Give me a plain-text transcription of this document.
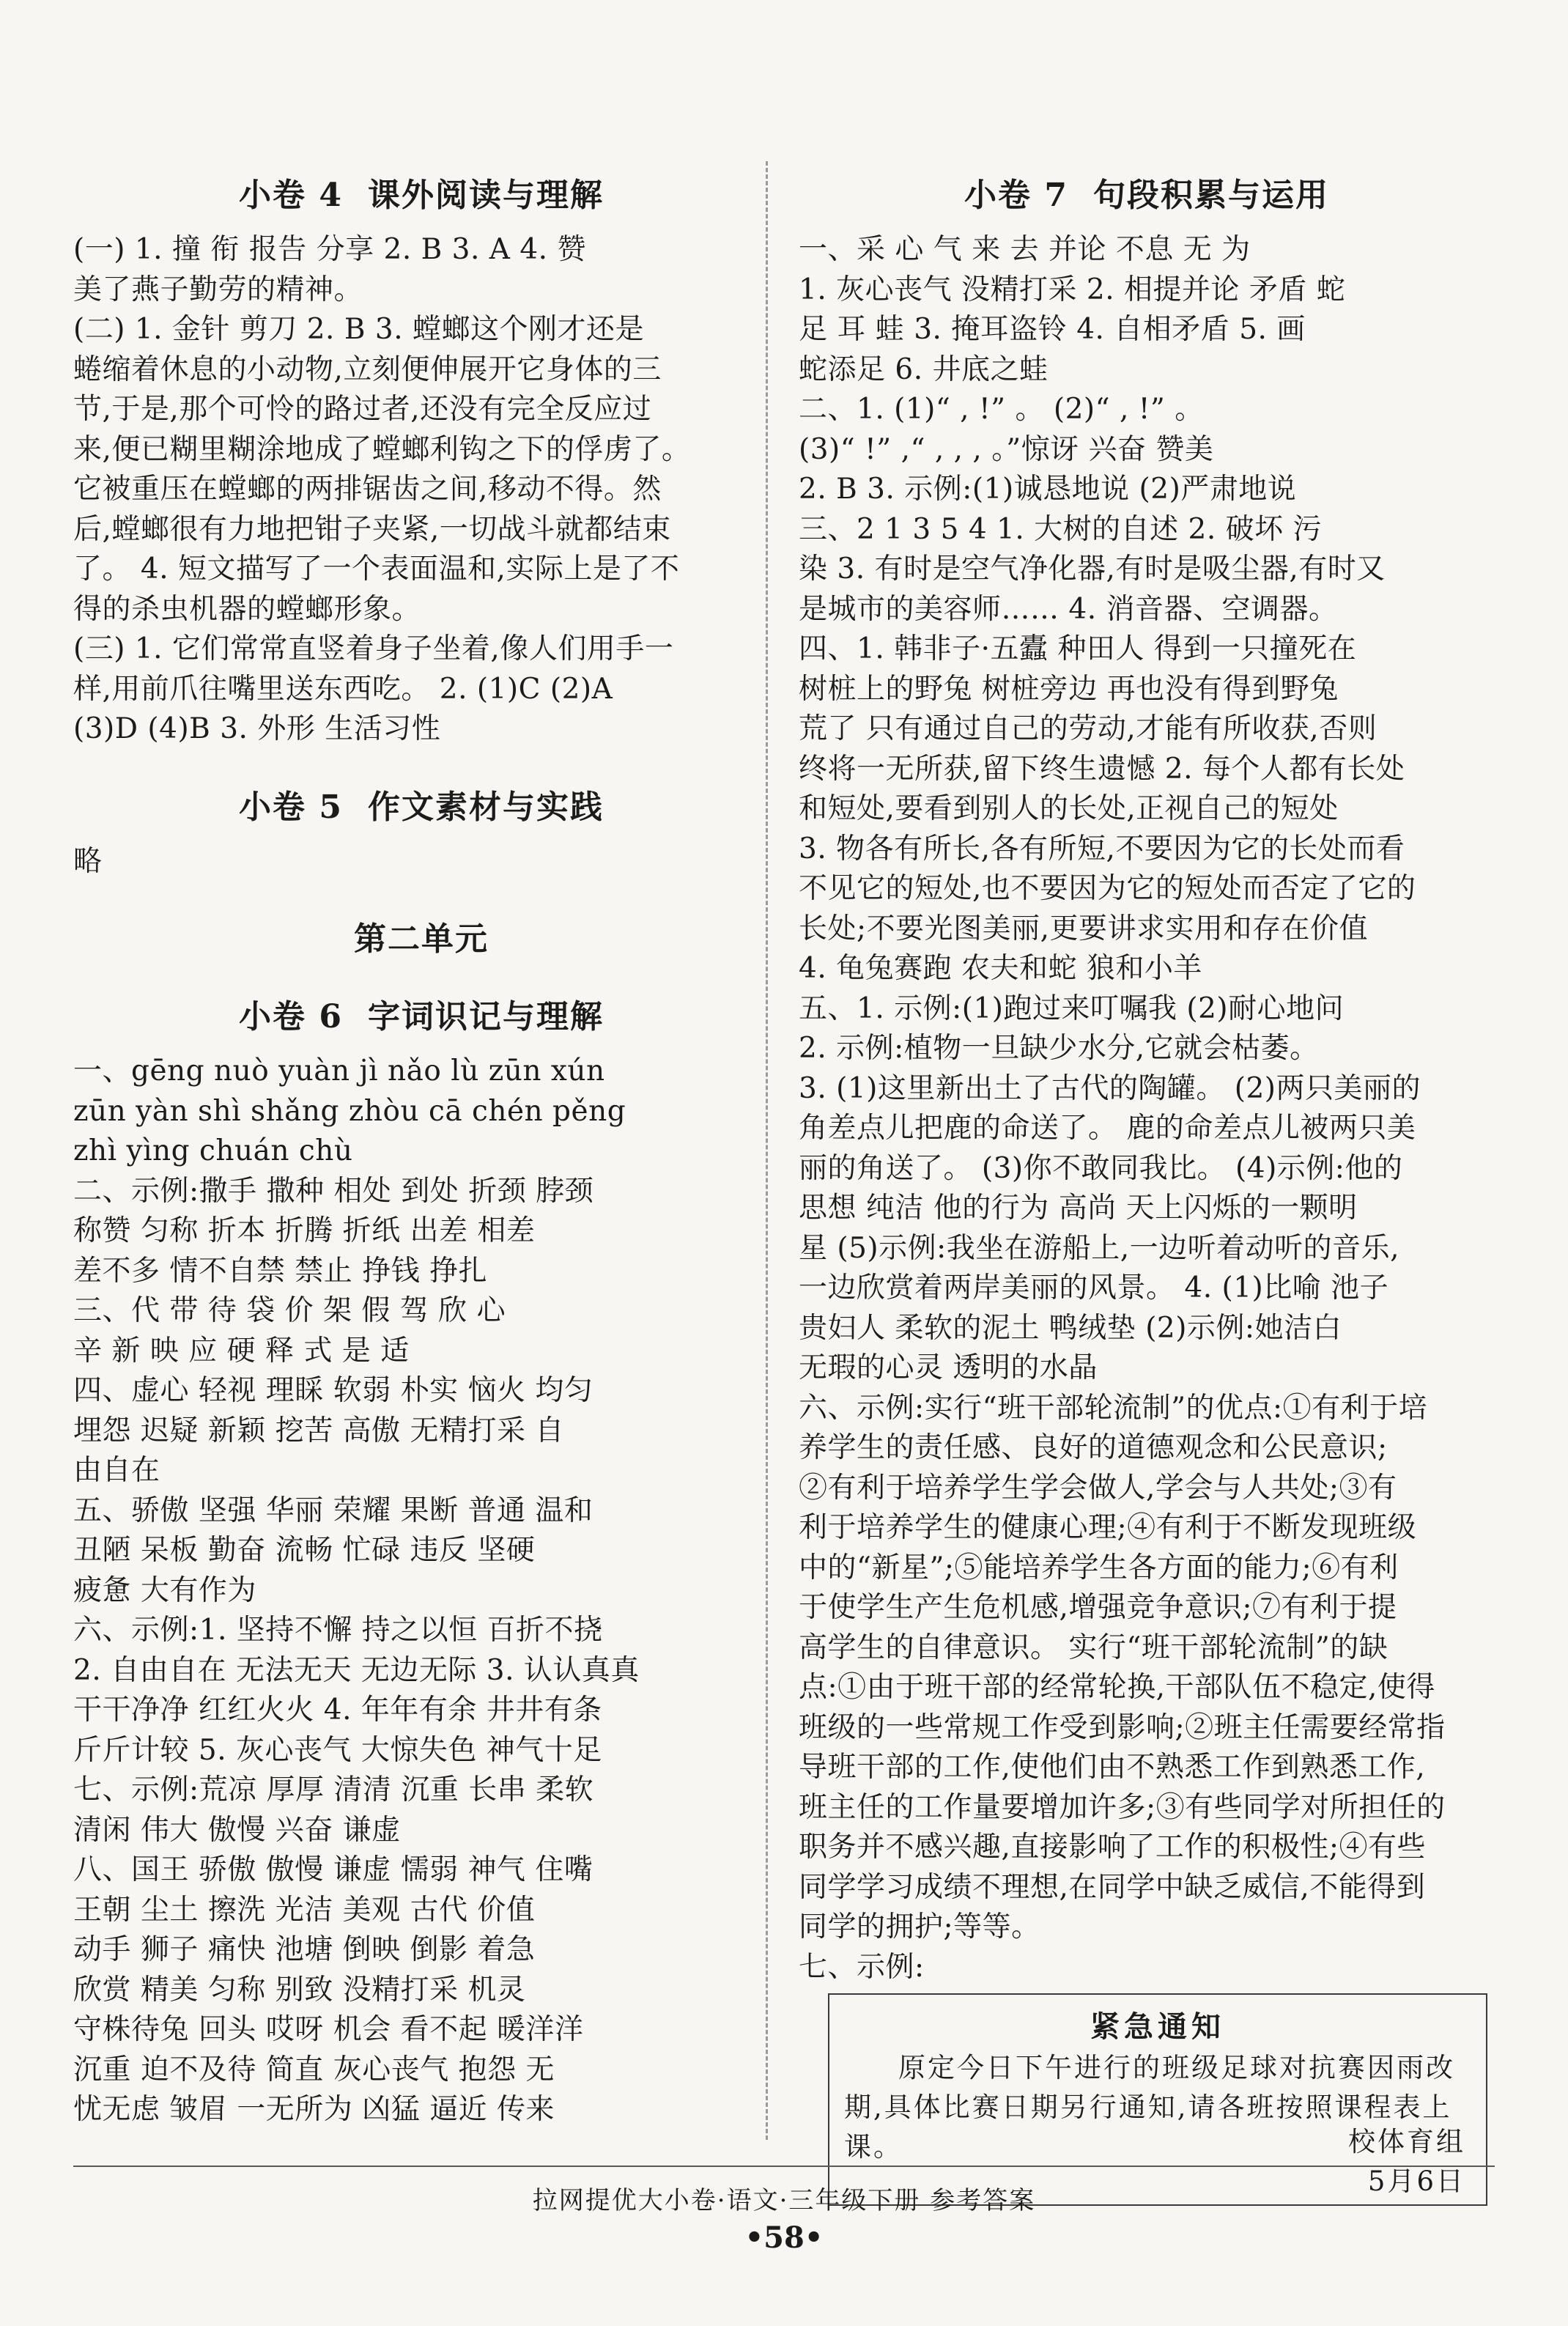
小卷 4 课外阅读与理解
(一) 1. 撞 衔 报告 分享 2. B 3. A 4. 赞
美了燕子勤劳的精神。
(二) 1. 金针 剪刀 2. B 3. 螳螂这个刚才还是
蜷缩着休息的小动物,立刻便伸展开它身体的三
节,于是,那个可怜的路过者,还没有完全反应过
来,便已糊里糊涂地成了螳螂利钩之下的俘虏了。
它被重压在螳螂的两排锯齿之间,移动不得。然
后,螳螂很有力地把钳子夹紧,一切战斗就都结束
了。 4. 短文描写了一个表面温和,实际上是了不
得的杀虫机器的螳螂形象。
(三) 1. 它们常常直竖着身子坐着,像人们用手一
样,用前爪往嘴里送东西吃。 2. (1)C (2)A
(3)D (4)B 3. 外形 生活习性
小卷 5 作文素材与实践
略
第二单元
小卷 6 字词识记与理解
一、gēng nuò yuàn jì nǎo lù zūn xún
zūn yàn shì shǎng zhòu cā chén pěng
zhì yìng chuán chù
二、示例:撒手 撒种 相处 到处 折颈 脖颈
称赞 匀称 折本 折腾 折纸 出差 相差
差不多 情不自禁 禁止 挣钱 挣扎
三、代 带 待 袋 价 架 假 驾 欣 心
辛 新 映 应 硬 释 式 是 适
四、虚心 轻视 理睬 软弱 朴实 恼火 均匀
埋怨 迟疑 新颖 挖苦 高傲 无精打采 自
由自在
五、骄傲 坚强 华丽 荣耀 果断 普通 温和
丑陋 呆板 勤奋 流畅 忙碌 违反 坚硬
疲惫 大有作为
六、示例:1. 坚持不懈 持之以恒 百折不挠
2. 自由自在 无法无天 无边无际 3. 认认真真
干干净净 红红火火 4. 年年有余 井井有条
斤斤计较 5. 灰心丧气 大惊失色 神气十足
七、示例:荒凉 厚厚 清清 沉重 长串 柔软
清闲 伟大 傲慢 兴奋 谦虚
八、国王 骄傲 傲慢 谦虚 懦弱 神气 住嘴
王朝 尘土 擦洗 光洁 美观 古代 价值
动手 狮子 痛快 池塘 倒映 倒影 着急
欣赏 精美 匀称 别致 没精打采 机灵
守株待兔 回头 哎呀 机会 看不起 暖洋洋
沉重 迫不及待 简直 灰心丧气 抱怨 无
忧无虑 皱眉 一无所为 凶猛 逼近 传来
小卷 7 句段积累与运用
一、采 心 气 来 去 并论 不息 无 为
1. 灰心丧气 没精打采 2. 相提并论 矛盾 蛇
足 耳 蛙 3. 掩耳盗铃 4. 自相矛盾 5. 画
蛇添足 6. 井底之蛙
二、1. (1)“ , !” 。 (2)“ , !” 。
(3)“ !” ,“ , , , 。”惊讶 兴奋 赞美
2. B 3. 示例:(1)诚恳地说 (2)严肃地说
三、2 1 3 5 4 1. 大树的自述 2. 破坏 污
染 3. 有时是空气净化器,有时是吸尘器,有时又
是城市的美容师…… 4. 消音器、空调器。
四、1. 韩非子·五蠹 种田人 得到一只撞死在
树桩上的野兔 树桩旁边 再也没有得到野兔
荒了 只有通过自己的劳动,才能有所收获,否则
终将一无所获,留下终生遗憾 2. 每个人都有长处
和短处,要看到别人的长处,正视自己的短处
3. 物各有所长,各有所短,不要因为它的长处而看
不见它的短处,也不要因为它的短处而否定了它的
长处;不要光图美丽,更要讲求实用和存在价值
4. 龟兔赛跑 农夫和蛇 狼和小羊
五、1. 示例:(1)跑过来叮嘱我 (2)耐心地问
2. 示例:植物一旦缺少水分,它就会枯萎。
3. (1)这里新出土了古代的陶罐。 (2)两只美丽的
角差点儿把鹿的命送了。 鹿的命差点儿被两只美
丽的角送了。 (3)你不敢同我比。 (4)示例:他的
思想 纯洁 他的行为 高尚 天上闪烁的一颗明
星 (5)示例:我坐在游船上,一边听着动听的音乐,
一边欣赏着两岸美丽的风景。 4. (1)比喻 池子
贵妇人 柔软的泥土 鸭绒垫 (2)示例:她洁白
无瑕的心灵 透明的水晶
六、示例:实行“班干部轮流制”的优点:①有利于培
养学生的责任感、良好的道德观念和公民意识;
②有利于培养学生学会做人,学会与人共处;③有
利于培养学生的健康心理;④有利于不断发现班级
中的“新星”;⑤能培养学生各方面的能力;⑥有利
于使学生产生危机感,增强竞争意识;⑦有利于提
高学生的自律意识。 实行“班干部轮流制”的缺
点:①由于班干部的经常轮换,干部队伍不稳定,使得
班级的一些常规工作受到影响;②班主任需要经常指
导班干部的工作,使他们由不熟悉工作到熟悉工作,
班主任的工作量要增加许多;③有些同学对所担任的
职务并不感兴趣,直接影响了工作的积极性;④有些
同学学习成绩不理想,在同学中缺乏威信,不能得到
同学的拥护;等等。
七、示例:
紧急通知
原定今日下午进行的班级足球对抗赛因雨改期,具体比赛日期另行通知,请各班按照课程表上课。	校体育组
5月6日
拉网提优大小卷·语文·三年级下册 参考答案
•58•
